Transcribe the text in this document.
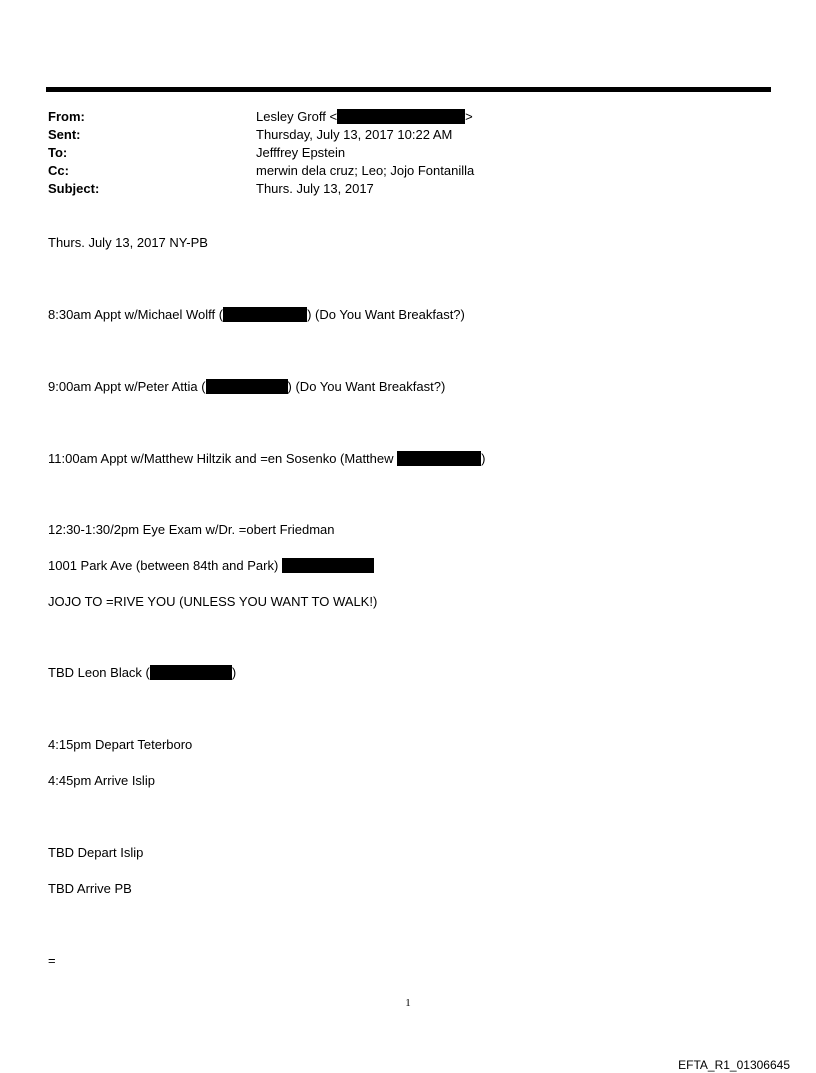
From:	Lesley Groff <	>
Sent:	Thursday, July 13, 2017 10:22 AM
To:	Jefffrey Epstein
Cc:	merwin dela cruz; Leo; Jojo Fontanilla
Subject:	Thurs. July 13, 2017
Thurs. July 13, 2017 NY-PB
8:30am Appt w/Michael Wolff (	) (Do You Want Breakfast?)
9:00am Appt w/Peter Attia (	) (Do You Want Breakfast?)
11:00am Appt w/Matthew Hiltzik and =en Sosenko (Matthew	)
12:30-1:30/2pm Eye Exam w/Dr. =obert Friedman
1001 Park Ave (between 84th and Park)
JOJO TO =RIVE YOU (UNLESS YOU WANT TO WALK!)
TBD Leon Black (	)
4:15pm Depart Teterboro
4:45pm Arrive Islip
TBD Depart Islip
TBD Arrive PB
=
1
EFTA_R1_01306645
